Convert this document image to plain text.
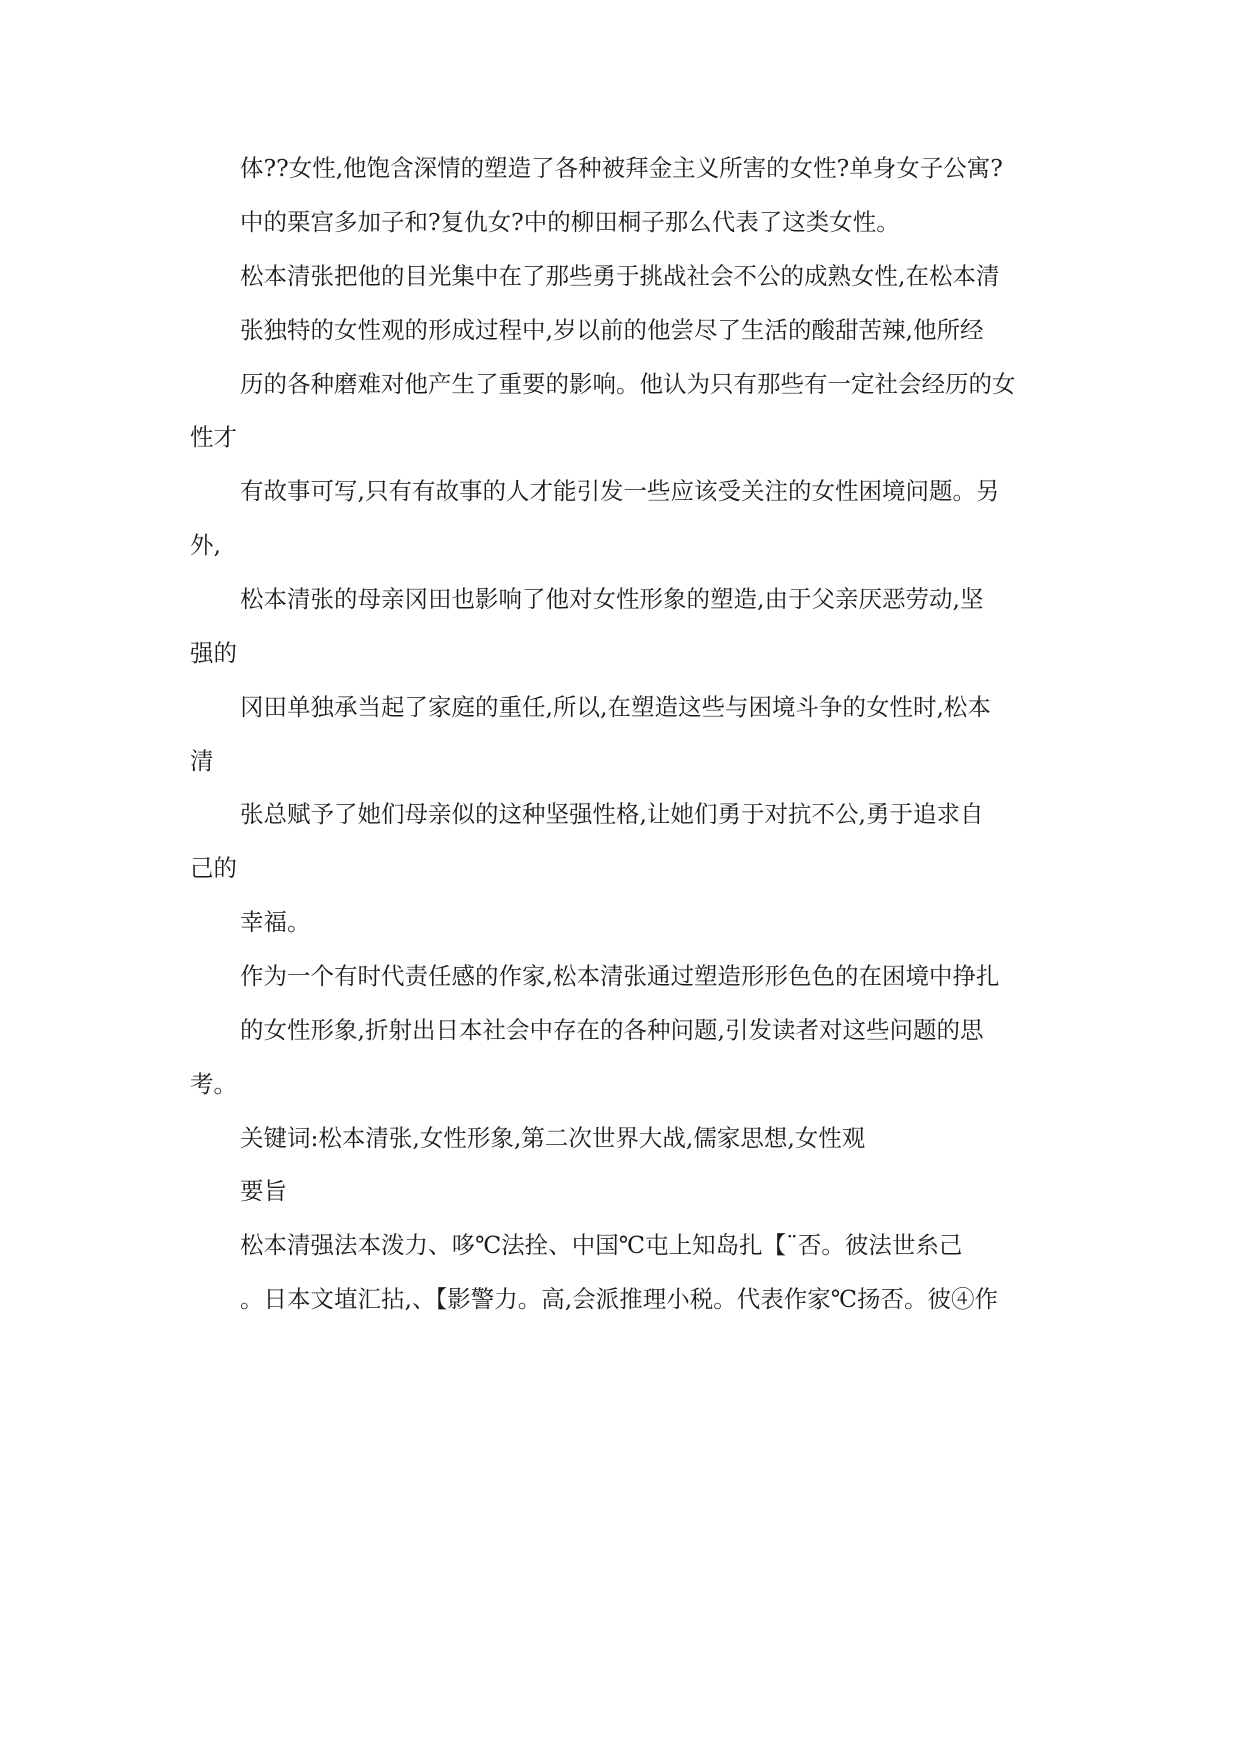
体??女性,他饱含深情的塑造了各种被拜金主义所害的女性?单身女子公寓?
中的栗宫多加子和?复仇女?中的柳田桐子那么代表了这类女性。
松本清张把他的目光集中在了那些勇于挑战社会不公的成熟女性,在松本清
张独特的女性观的形成过程中,岁以前的他尝尽了生活的酸甜苦辣,他所经
历的各种磨难对他产生了重要的影响。他认为只有那些有一定社会经历的女
性才
有故事可写,只有有故事的人才能引发一些应该受关注的女性困境问题。另
外,
松本清张的母亲冈田也影响了他对女性形象的塑造,由于父亲厌恶劳动,坚
强的
冈田单独承当起了家庭的重任,所以,在塑造这些与困境斗争的女性时,松本
清
张总赋予了她们母亲似的这种坚强性格,让她们勇于对抗不公,勇于追求自
己的
幸福。
作为一个有时代责任感的作家,松本清张通过塑造形形色色的在困境中挣扎
的女性形象,折射出日本社会中存在的各种问题,引发读者对这些问题的思
考。
关键词:松本清张,女性形象,第二次世界大战,儒家思想,女性观
要旨
松本清强法本泼力、哆℃法拴、中国℃屯上知岛扎【¨否。彼法世糸己
。日本文埴汇拈,、【影警力。高,会派推理小税。代表作家℃扬否。彼④作
